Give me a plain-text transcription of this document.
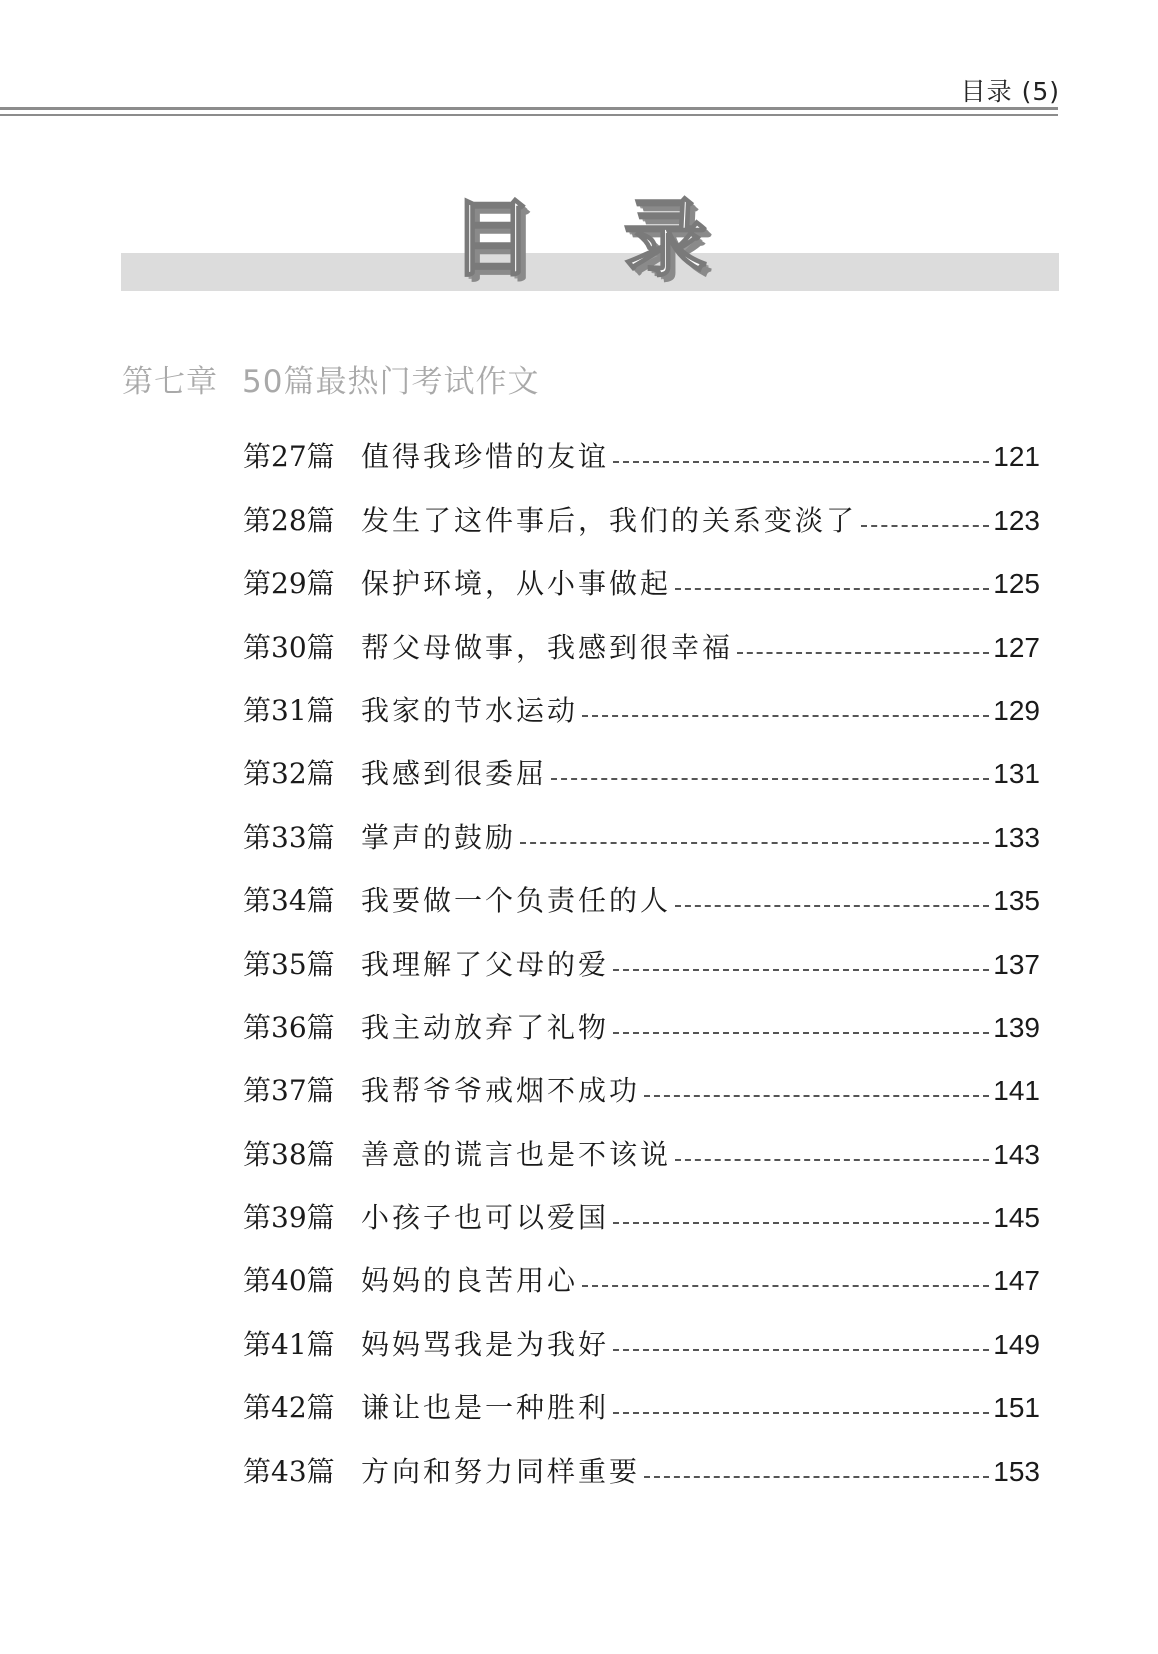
目录 (5)
目 录
第七章 50篇最热门考试作文
第27篇 值得我珍惜的友谊	121
第28篇 发生了这件事后，我们的关系变淡了	123
第29篇 保护环境，从小事做起	125
第30篇 帮父母做事，我感到很幸福	127
第31篇 我家的节水运动	129
第32篇 我感到很委屈	131
第33篇 掌声的鼓励	133
第34篇 我要做一个负责任的人	135
第35篇 我理解了父母的爱	137
第36篇 我主动放弃了礼物	139
第37篇 我帮爷爷戒烟不成功	141
第38篇 善意的谎言也是不该说	143
第39篇 小孩子也可以爱国	145
第40篇 妈妈的良苦用心	147
第41篇 妈妈骂我是为我好	149
第42篇 谦让也是一种胜利	151
第43篇 方向和努力同样重要	153
